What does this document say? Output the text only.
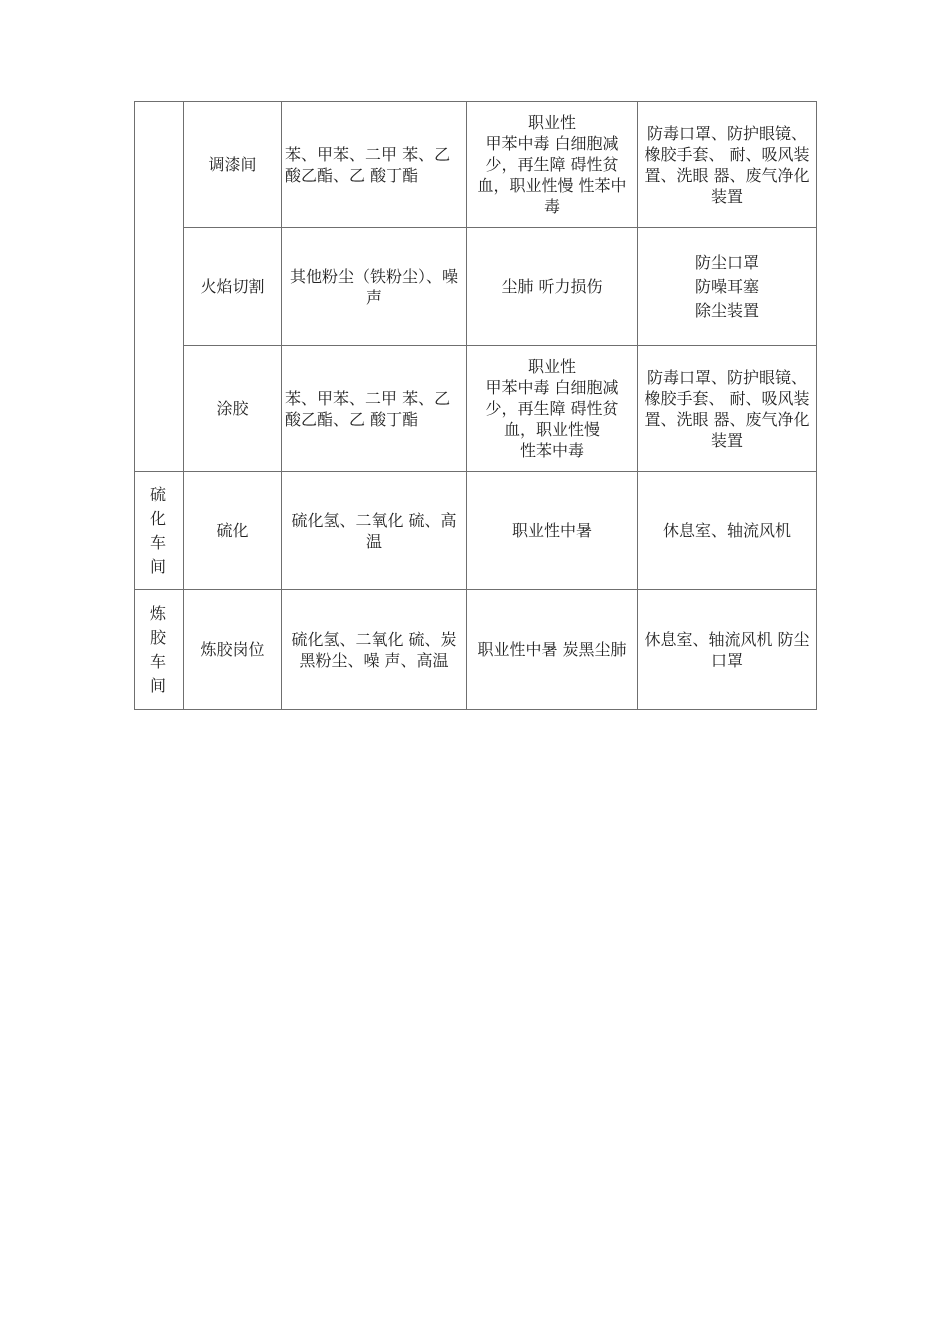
	调漆间	苯、甲苯、二甲 苯、乙酸乙酯、乙 酸丁酯	职业性
甲苯中毒 白细胞减少，再生障 碍性贫血，职业性慢 性苯中毒	防毒口罩、防护眼镜、橡胶手套、 耐、吸风装置、洗眼 器、废气净化装置

	火焰切割	其他粉尘（铁粉尘）、噪声	尘肺 听力损伤	防尘口罩
防噪耳塞
除尘装置

	涂胶	苯、甲苯、二甲 苯、乙酸乙酯、乙 酸丁酯	职业性
甲苯中毒 白细胞减少，再生障 碍性贫血，职业性慢
性苯中毒	防毒口罩、防护眼镜、橡胶手套、 耐、吸风装置、洗眼 器、废气净化装置

硫 化 车 间	硫化	硫化氢、二氧化 硫、高温	职业性中暑	休息室、轴流风机

炼 胶 车 间	炼胶岗位	硫化氢、二氧化 硫、炭黑粉尘、噪 声、高温	职业性中暑 炭黑尘肺	休息室、轴流风机 防尘口罩
